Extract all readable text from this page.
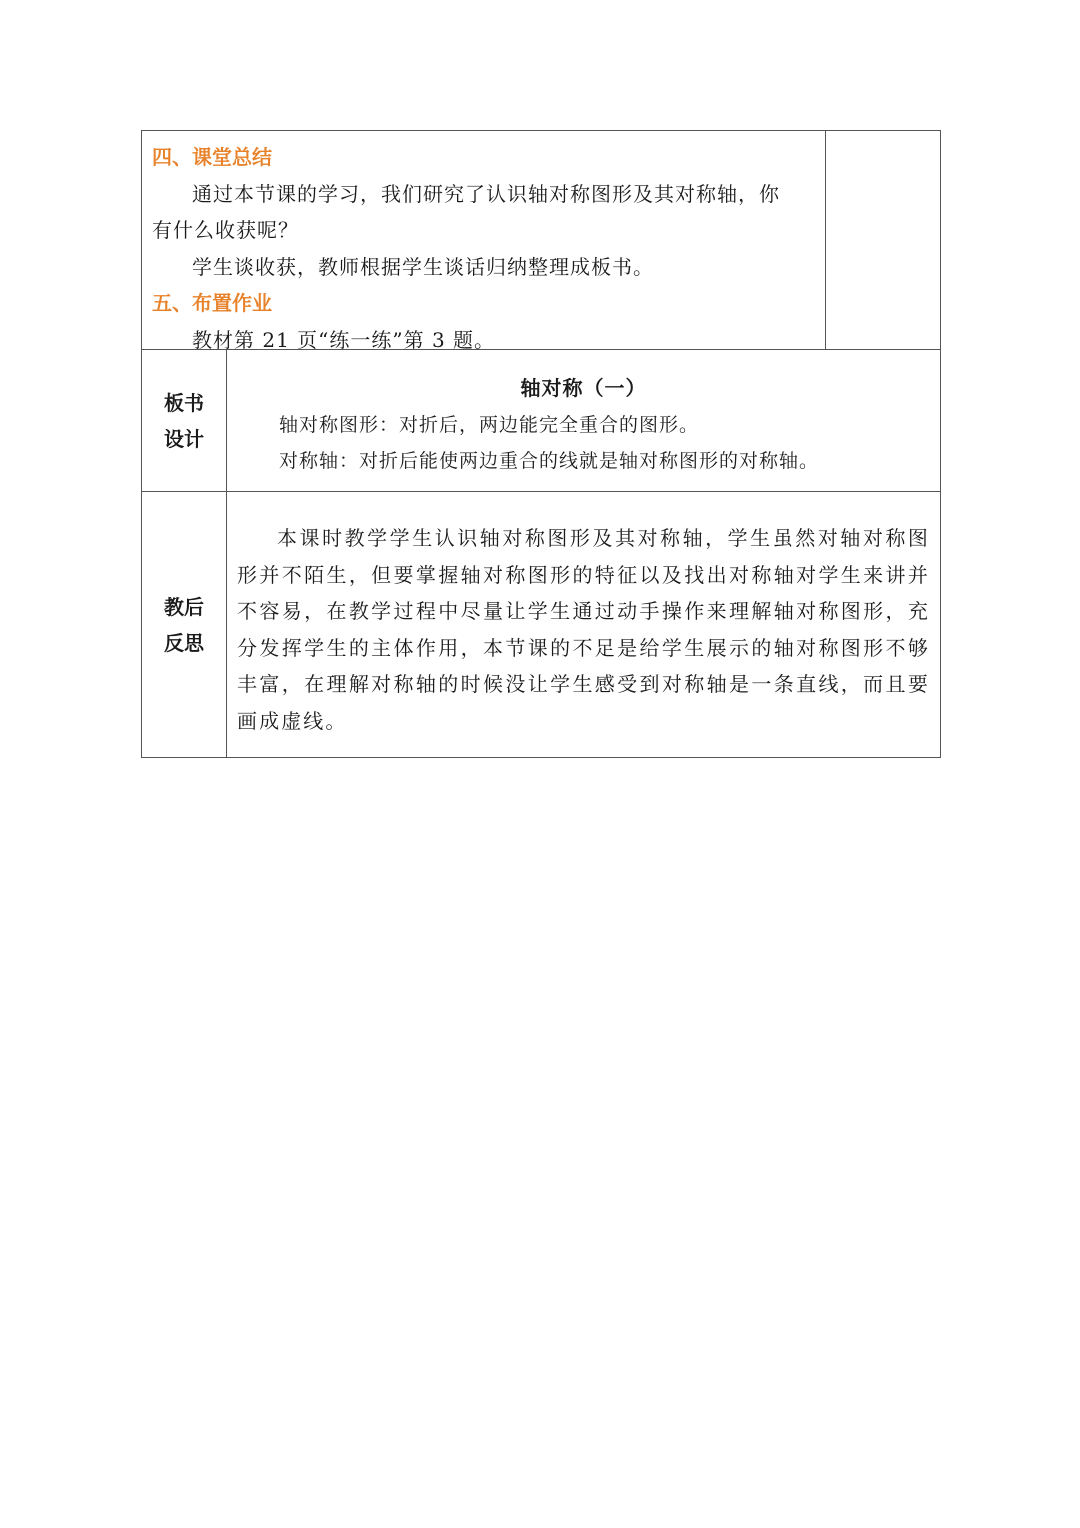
四、课堂总结
通过本节课的学习，我们研究了认识轴对称图形及其对称轴，你
有什么收获呢？
学生谈收获，教师根据学生谈话归纳整理成板书。
五、布置作业
教材第 21 页“练一练”第 3 题。
板书
设计
轴对称（一）
轴对称图形：对折后，两边能完全重合的图形。
对称轴：对折后能使两边重合的线就是轴对称图形的对称轴。
教后
反思

本课时教学学生认识轴对称图形及其对称轴，学生虽然对轴对称图形并不陌生，但要掌握轴对称图形的特征以及找出对称轴对学生来讲并不容易，在教学过程中尽量让学生通过动手操作来理解轴对称图形，充分发挥学生的主体作用，本节课的不足是给学生展示的轴对称图形不够丰富，在理解对称轴的时候没让学生感受到对称轴是一条直线，而且要画成虚线。
